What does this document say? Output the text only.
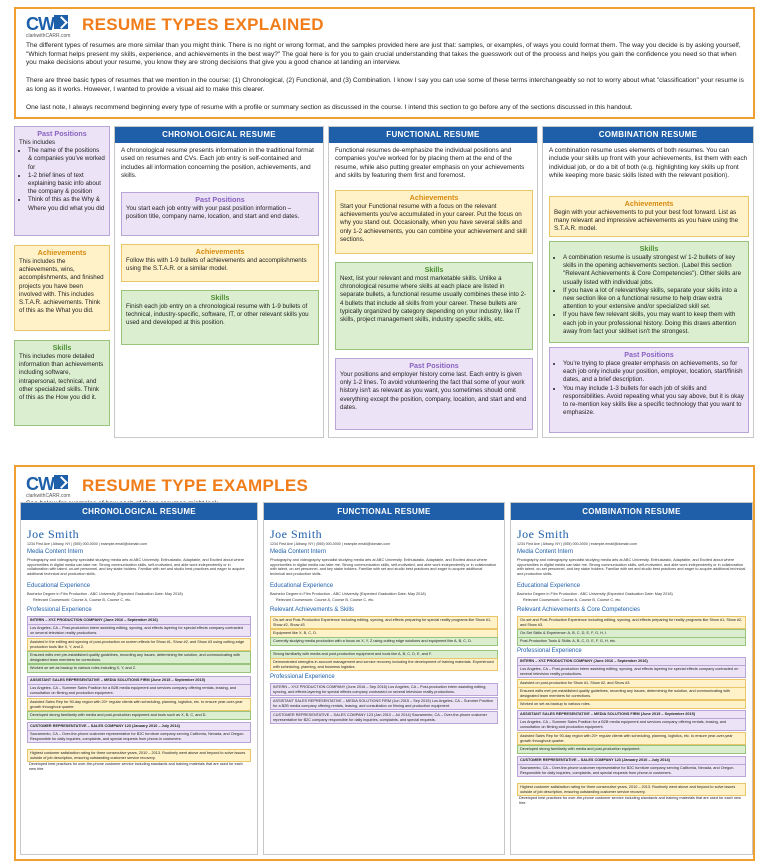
CW
clarkwithCARR.com
RESUME TYPES EXPLAINED
The different types of resumes are more similar than you might think. There is no right or wrong format, and the samples provided here are just that: samples, or examples, of ways you could format them. The way you decide is by asking yourself, "Which format helps present my skills, experience, and achievements in the best way?" The goal here is for you to gain crucial understanding that takes the guesswork out of the process and helps you gain the confidence you need so that when you make decisions about your resume, you know they are strong decisions that give you a good chance at landing an interview.
There are three basic types of resumes that we mention in the course: (1) Chronological, (2) Functional, and (3) Combination. I know I say you can use some of these terms interchangeably so not to worry about what "classification" your resume is as long as it works. However, I wanted to provide a visual aid to make this clearer.
One last note, I always recommend beginning every type of resume with a profile or summary section as discussed in the course. I intend this section to go before any of the sections discussed in this handout.
Past Positions
This includes
• The name of the positions & companies you've worked for
• 1-2 brief lines of text explaining basic info about the company & position
• Think of this as the Why & Where you did what you did
Achievements
This includes the achievements, wins, accomplishments, and finished projects you have been involved with. This includes S.T.A.R. achievements. Think of this as the What you did.
Skills
This includes more detailed information than achievements including software, intrapersonal, technical, and other specialized skills. Think of this as the How you did it.
CHRONOLOGICAL RESUME
A chronological resume presents information in the traditional format used on resumes and CVs. Each job entry is self-contained and includes all information concerning the position, achievements, and skills.
Past Positions
You start each job entry with your past position information – position title, company name, location, and start and end dates.
Achievements
Follow this with 1-9 bullets of achievements and accomplishments using the S.T.A.R. or a similar model.
Skills
Finish each job entry on a chronological resume with 1-9 bullets of technical, industry-specific, software, IT, or other relevant skills you used and developed at this position.
FUNCTIONAL RESUME
Functional resumes de-emphasize the individual positions and companies you've worked for by placing them at the end of the resume, while also putting greater emphasis on your achievements and skills by featuring them first and foremost.
Achievements
Start your Functional resume with a focus on the relevant achievements you've accumulated in your career. Put the focus on why you stand out. Occasionally, when you have several skills and only 1-2 achievements, you can combine your achievement and skill sections.
Skills
Next, list your relevant and most marketable skills. Unlike a chronological resume where skills at each place are listed in separate bullets, a functional resume usually combines these into 2-4 bullets that include all skills from your career. These bullets are typically organized by category depending on your industry, like IT skills, project management skills, industry specific skills, etc.
Past Positions
Your positions and employer history come last. Each entry is given only 1-2 lines. To avoid volunteering the fact that some of your work history isn't as relevant as you want, you sometimes should omit everything except the position, company, location, and start and end dates.
COMBINATION RESUME
A combination resume uses elements of both resumes. You can include your skills up front with your achievements, list them with each individual job, or do a bit of both (e.g. highlighting key skills up front while keeping more basic skills listed with the relevant position).
Achievements
Begin with your achievements to put your best foot forward. List as many relevant and impressive achievements as you have using the S.T.A.R. model.
Skills
• A combination resume is usually strongest w/ 1-2 bullets of key skills in the opening achievements section. (Label this section "Relevant Achievements & Core Competencies"). Other skills are usually listed with individual jobs.
• If you have a lot of relevant/key skills, separate your skills into a new section like on a functional resume to help draw extra attention to your extensive and/or specialized skill set.
• If you have few relevant skills, you may want to keep them with each job in your professional history. Doing this draws attention away from fact your skillset isn't the strongest.
Past Positions
• You're trying to place greater emphasis on achievements, so for each job only include your position, employer, location, start/finish dates, and a brief description.
• You may include 1-3 bullets for each job of skills and responsibilities. Avoid repeating what you say above, but it is okay to re-mention key skills like a specific technology that you want to emphasize.
CW
clarkwithCARR.com
RESUME TYPE EXAMPLES
CHRONOLOGICAL RESUME
Joe Smith
1234 First Ave | Albany, NY | (555) 000-0000 | example.email@domain.com
Media Content Intern
Photography and videography specialist studying media arts at ABC University. Enthusiastic, Adaptable, and Excited about where opportunities in digital media can take me. Strong communication skills, self-motivated, and able work independently or in collaboration with talent, on-set personnel, and key stake holders. Familiar with set and studio best practices and eager to acquire additional technical and production skills.
Educational Experience
Bachelor Degree in Film Production - ABC University (Expected Graduation Date: May 2018)
Relevant Coursework: Course A, Course B, Course C, etc.
Professional Experience
INTERN – XYZ PRODUCTION COMPANY (June 2016 – September 2016)
Los Angeles, CA – Post-production intern assisting editing, syncing, and effects layering for special effects company contracted on several television reality productions.
Assisted in the editing and syncing of post-production on screen effects for Show #1, Show #2, and Show #3 using cutting-edge production tools like X, Y, and Z.
Ensured edits met pre-established quality guidelines, recording any issues, determining the solution, and communicating with designated team members for corrections.
Worked on set as backup to various roles including X, Y, and Z.
ASSISTANT SALES REPRESENTATIVE – MEDIA SOLUTIONS FIRM (June 2015 – September 2015)
Los Angeles, CA – Summer Sales Position for a B2B media equipment and services company offering rentals, leasing, and consultation on filming and production equipment.
Assisted Sales Rep for 90-day region with 20+ regular clients with scheduling, planning, logistics, etc. to ensure year-over-year growth throughout quarter.
Developed strong familiarity with media and post-production equipment and tools such as X, B, C, and D.
CUSTOMER REPRESENTATIVE – SALES COMPANY 123 (January 2010 – July 2014)
Sacramento, CA – Over-the-phone customer representative for B2C furniture company serving California, Nevada, and Oregon. Responsible for daily inquiries, complaints, and special requests from phone-in customers.
Highest customer satisfaction rating for three consecutive years, 2010 – 2013. Routinely went above and beyond to solve issues outside of job description, ensuring outstanding customer service recovery.
Developed best practices for over-the-phone customer service including standards and training materials that are used for each new hire.
FUNCTIONAL RESUME
Joe Smith
1234 First Ave | Albany, NY | (555) 000-0000 | example.email@domain.com
Media Content Intern
Photography and videography specialist studying media arts at ABC University. Enthusiastic, Adaptable, and Excited about where opportunities in digital media can take me. Strong communication skills, self-motivated, and able work independently or in collaboration with talent, on-set personnel, and key stake holders. Familiar with set and studio best practices and eager to acquire additional technical and production skills.
Educational Experience
Bachelor Degree in Film Production - ABC University (Expected Graduation Date: May 2018)
Relevant Coursework: Course A, Course B, Course C, etc.
Relevant Achievements & Skills
On-set and Post-Production Experience including editing, syncing, and effects preparing for special reality programs like Show #1, Show #2, Show #3
Equipment like X, B, C, D.
Currently studying media production with a focus on X, Y, Z using cutting edge solutions and equipment like A, B, C, D.
Strong familiarity with media and post-production equipment and tools like A, B, C, D, E, and F.
Demonstrated strengths in account management and service recovery including the development of training materials. Experienced with scheduling, planning, and business logistics.
Professional Experience
INTERN – XYZ PRODUCTION COMPANY (June 2016 – Sep 2016) Los Angeles, CA – Post-production intern assisting editing, syncing, and effects layering for special effects company contracted on several television reality productions.
ASSISTANT SALES REPRESENTATIVE – MEDIA SOLUTIONS FIRM (Jun 2015 – Sep 2015) Los Angeles, CA – Summer Position for a B2B media company offering rentals, leasing, and consultation on filming and production equipment.
CUSTOMER REPRESENTATIVE – SALES COMPANY 123 (Jan 2010 – Jul 2014) Sacramento, CA – Over-the-phone customer representative for B2C company responsible for daily inquiries, complaints, and special requests.
COMBINATION RESUME
Joe Smith
1234 First Ave | Albany, NY | (555) 000-0000 | example.email@domain.com
Media Content Intern
Photography and videography specialist studying media arts at ABC University. Enthusiastic, Adaptable, and Excited about where opportunities in digital media can take me. Strong communication skills, self-motivated, and able work independently or in collaboration with talent, on-set personnel, and key stake holders. Familiar with set and studio best practices and eager to acquire additional technical and production skills.
Educational Experience
Bachelor Degree in Film Production - ABC University (Expected Graduation Date: May 2018)
Relevant Coursework: Course A, Course B, Course C, etc.
Relevant Achievements & Core Competencies
On-set and Post-Production Experience including editing, syncing, and effects preparing for reality programs like Show #1, Show #2, and Show #3.
On-Set Skills & Experience: A, B, C, D, E, F, G, H, I.
Post-Production Tools & Skills: A, B, C, D, E, F, G, H, etc.
Professional Experience
INTERN – XYZ PRODUCTION COMPANY (June 2016 – September 2016)
Los Angeles, CA – Post-production intern assisting editing, syncing, and effects layering for special effects company contracted on several television reality productions.
Assisted on post-production for Show #1, Show #2, and Show #3.
Ensured edits met pre-established quality guidelines, recording any issues, determining the solution, and communicating with designated team members for corrections.
Worked on set as backup to various roles.
ASSISTANT SALES REPRESENTATIVE – MEDIA SOLUTIONS FIRM (June 2015 – September 2015)
Los Angeles, CA – Summer Sales Position for a B2B media equipment and services company offering rentals, leasing, and consultation on filming and production equipment.
Assisted Sales Rep for 90-day region with 20+ regular clients with scheduling, planning, logistics, etc. to ensure year-over-year growth throughout quarter.
Developed strong familiarity with media and post-production equipment.
CUSTOMER REPRESENTATIVE – SALES COMPANY 123 (January 2010 – July 2014)
Sacramento, CA – Over-the-phone customer representative for B2C furniture company serving California, Nevada, and Oregon. Responsible for daily inquiries, complaints, and special requests from phone-in customers.
Highest customer satisfaction rating for three consecutive years, 2010 – 2013. Routinely went above and beyond to solve issues outside of job description, ensuring outstanding customer service recovery.
Developed best practices for over-the-phone customer service including standards and training materials that are used for each new hire.
